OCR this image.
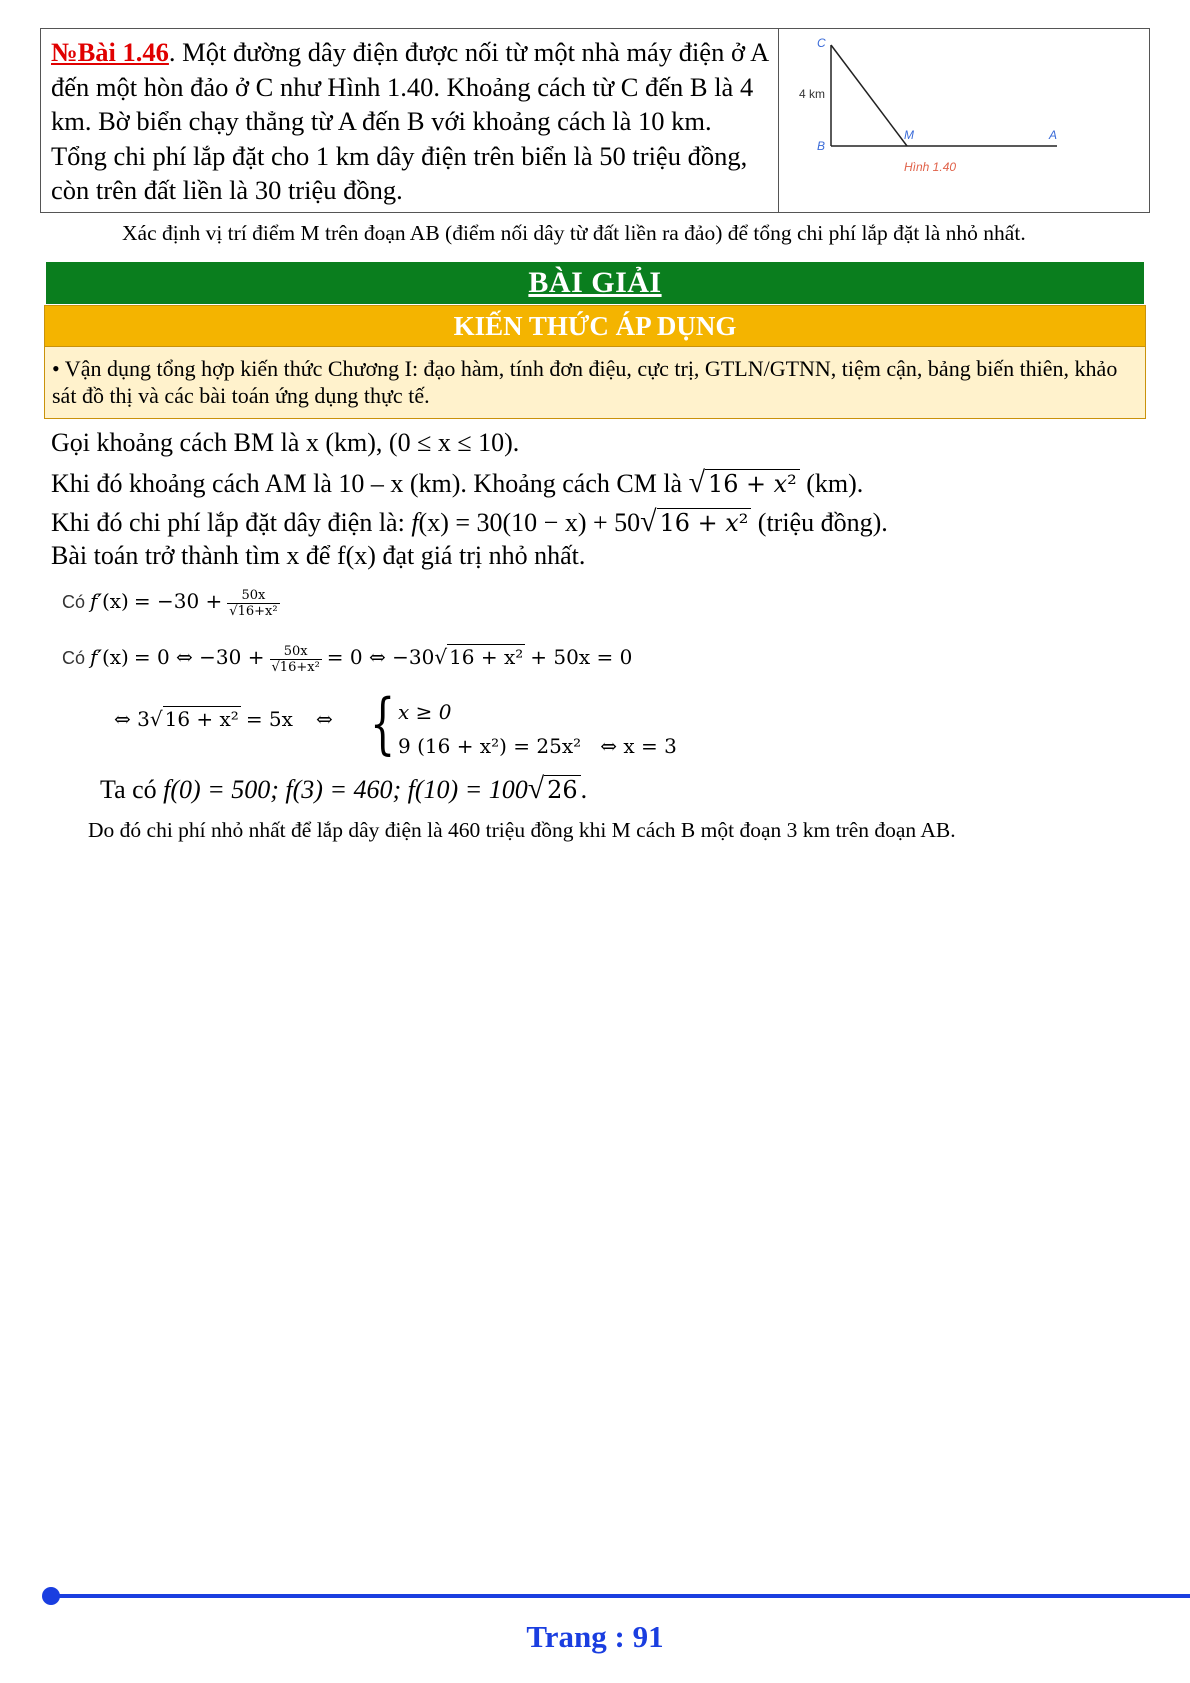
№Bài 1.46. Một đường dây điện được nối từ một nhà máy điện ở A đến một hòn đảo ở C như Hình 1.40. Khoảng cách từ C đến B là 4 km. Bờ biển chạy thẳng từ A đến B với khoảng cách là 10 km. Tổng chi phí lắp đặt cho 1 km dây điện trên biển là 50 triệu đồng, còn trên đất liền là 30 triệu đồng.
C
B
M	A
4 km
Hình 1.40
Xác định vị trí điểm M trên đoạn AB (điểm nối dây từ đất liền ra đảo) để tổng chi phí lắp đặt là nhỏ nhất.
BÀI GIẢI
KIẾN THỨC ÁP DỤNG
• Vận dụng tổng hợp kiến thức Chương I: đạo hàm, tính đơn điệu, cực trị, GTLN/GTNN, tiệm cận, bảng biến thiên, khảo sát đồ thị và các bài toán ứng dụng thực tế.
Gọi khoảng cách BM là x (km), (0 ≤ x ≤ 10).
Khi đó khoảng cách AM là 10 – x (km). Khoảng cách CM là √ 16 + 𝑥² (km).
Khi đó chi phí lắp đặt dây điện là: f(x) = 30(10 − x) + 50√ 16 + 𝑥² (triệu đồng).
Bài toán trở thành tìm x để f(x) đạt giá trị nhỏ nhất.
Có $f'(x) = -30 + \frac{50x}{\text{√16+x²}}$
Có f′(x) = 0 ⇔ $-30 + \frac{50x}{\text{√16+x²}} = 0$ ⇔ −30√ 16 + x² + 50x = 0
⇔ 3√ 16 + x² = 5x ⇔ { x ≥ 0
9 (16 + x²) = 25x² ⇔ x = 3
Ta có f(0) = 500; f(3) = 460; f(10) = 100√ 26 .
Do đó chi phí nhỏ nhất để lắp dây điện là 460 triệu đồng khi M cách B một đoạn 3 km trên đoạn AB.
Trang : 91
